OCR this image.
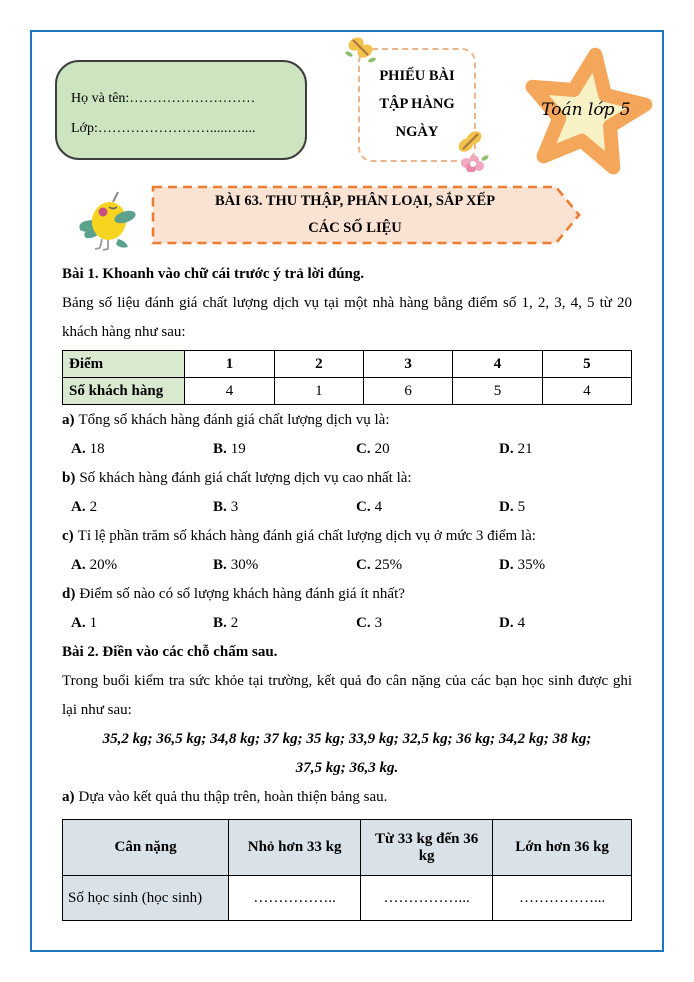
Họ và tên:………………………
Lớp:…………………….....…....
PHIẾU BÀI
TẬP HÀNG
NGÀY
Toán lớp 5
BÀI 63. THU THẬP, PHÂN LOẠI, SẮP XẾP
CÁC SỐ LIỆU

Bài 1. Khoanh vào chữ cái trước ý trả lời đúng.

Bảng số liệu đánh giá chất lượng dịch vụ tại một nhà hàng bằng điểm số 1, 2, 3, 4, 5 từ 20 khách hàng như sau:

Điểm	1	2	3	4	5
Số khách hàng	4	1	6	5	4

a) Tổng số khách hàng đánh giá chất lượng dịch vụ là:

A. 18	B. 19	C. 20	D. 21

b) Số khách hàng đánh giá chất lượng dịch vụ cao nhất là:

A. 2	B. 3	C. 4	D. 5

c) Tỉ lệ phần trăm số khách hàng đánh giá chất lượng dịch vụ ở mức 3 điểm là:

A. 20%	B. 30%	C. 25%	D. 35%

d) Điểm số nào có số lượng khách hàng đánh giá ít nhất?

A. 1	B. 2	C. 3	D. 4

Bài 2. Điền vào các chỗ chấm sau.

Trong buổi kiểm tra sức khỏe tại trường, kết quả đo cân nặng của các bạn học sinh được ghi lại như sau:

35,2 kg; 36,5 kg; 34,8 kg; 37 kg; 35 kg; 33,9 kg; 32,5 kg; 36 kg; 34,2 kg; 38 kg;

37,5 kg; 36,3 kg.

a) Dựa vào kết quả thu thập trên, hoàn thiện bảng sau.

Cân nặng	Nhỏ hơn 33 kg	Từ 33 kg đến 36 kg	Lớn hơn 36 kg
Số học sinh (học sinh)	……………..	……………...	……………...
